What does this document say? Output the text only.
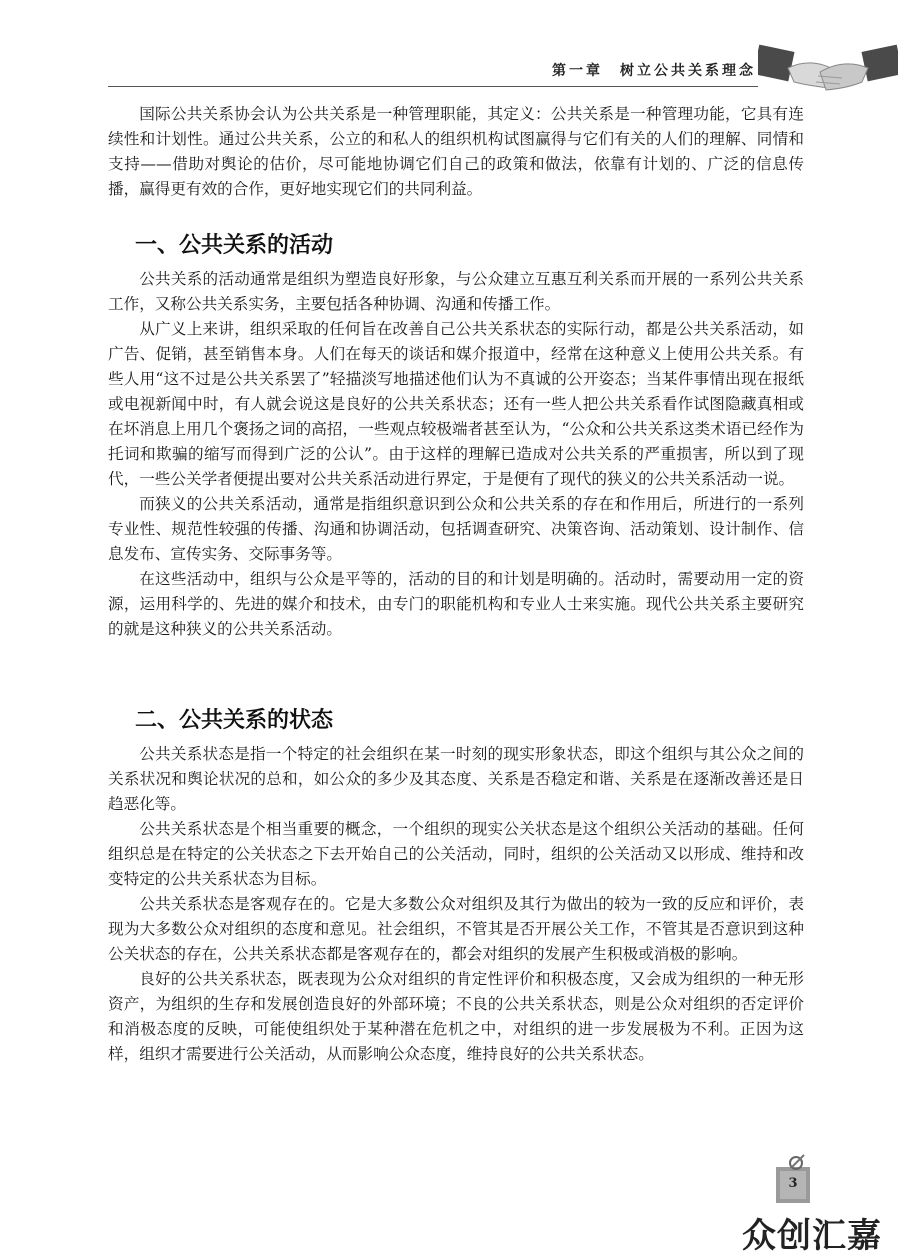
第一章　树立公共关系理念

国际公共关系协会认为公共关系是一种管理职能，其定义：公共关系是一种管理功能，它具有连续性和计划性。通过公共关系，公立的和私人的组织机构试图赢得与它们有关的人们的理解、同情和支持——借助对舆论的估价，尽可能地协调它们自己的政策和做法，依靠有计划的、广泛的信息传播，赢得更有效的合作，更好地实现它们的共同利益。

一、公共关系的活动

公共关系的活动通常是组织为塑造良好形象，与公众建立互惠互利关系而开展的一系列公共关系工作，又称公共关系实务，主要包括各种协调、沟通和传播工作。

从广义上来讲，组织采取的任何旨在改善自己公共关系状态的实际行动，都是公共关系活动，如广告、促销，甚至销售本身。人们在每天的谈话和媒介报道中，经常在这种意义上使用公共关系。有些人用“这不过是公共关系罢了”轻描淡写地描述他们认为不真诚的公开姿态；当某件事情出现在报纸或电视新闻中时，有人就会说这是良好的公共关系状态；还有一些人把公共关系看作试图隐藏真相或在坏消息上用几个褒扬之词的高招，一些观点较极端者甚至认为，“公众和公共关系这类术语已经作为托词和欺骗的缩写而得到广泛的公认”。由于这样的理解已造成对公共关系的严重损害，所以到了现代，一些公关学者便提出要对公共关系活动进行界定，于是便有了现代的狭义的公共关系活动一说。

而狭义的公共关系活动，通常是指组织意识到公众和公共关系的存在和作用后，所进行的一系列专业性、规范性较强的传播、沟通和协调活动，包括调查研究、决策咨询、活动策划、设计制作、信息发布、宣传实务、交际事务等。

在这些活动中，组织与公众是平等的，活动的目的和计划是明确的。活动时，需要动用一定的资源，运用科学的、先进的媒介和技术，由专门的职能机构和专业人士来实施。现代公共关系主要研究的就是这种狭义的公共关系活动。

二、公共关系的状态

公共关系状态是指一个特定的社会组织在某一时刻的现实形象状态，即这个组织与其公众之间的关系状况和舆论状况的总和，如公众的多少及其态度、关系是否稳定和谐、关系是在逐渐改善还是日趋恶化等。

公共关系状态是个相当重要的概念，一个组织的现实公关状态是这个组织公关活动的基础。任何组织总是在特定的公关状态之下去开始自己的公关活动，同时，组织的公关活动又以形成、维持和改变特定的公共关系状态为目标。

公共关系状态是客观存在的。它是大多数公众对组织及其行为做出的较为一致的反应和评价，表现为大多数公众对组织的态度和意见。社会组织，不管其是否开展公关工作，不管其是否意识到这种公关状态的存在，公共关系状态都是客观存在的，都会对组织的发展产生积极或消极的影响。

良好的公共关系状态，既表现为公众对组织的肯定性评价和积极态度，又会成为组织的一种无形资产，为组织的生存和发展创造良好的外部环境；不良的公共关系状态，则是公众对组织的否定评价和消极态度的反映，可能使组织处于某种潜在危机之中，对组织的进一步发展极为不利。正因为这样，组织才需要进行公关活动，从而影响公众态度，维持良好的公共关系状态。

3
众创汇嘉
